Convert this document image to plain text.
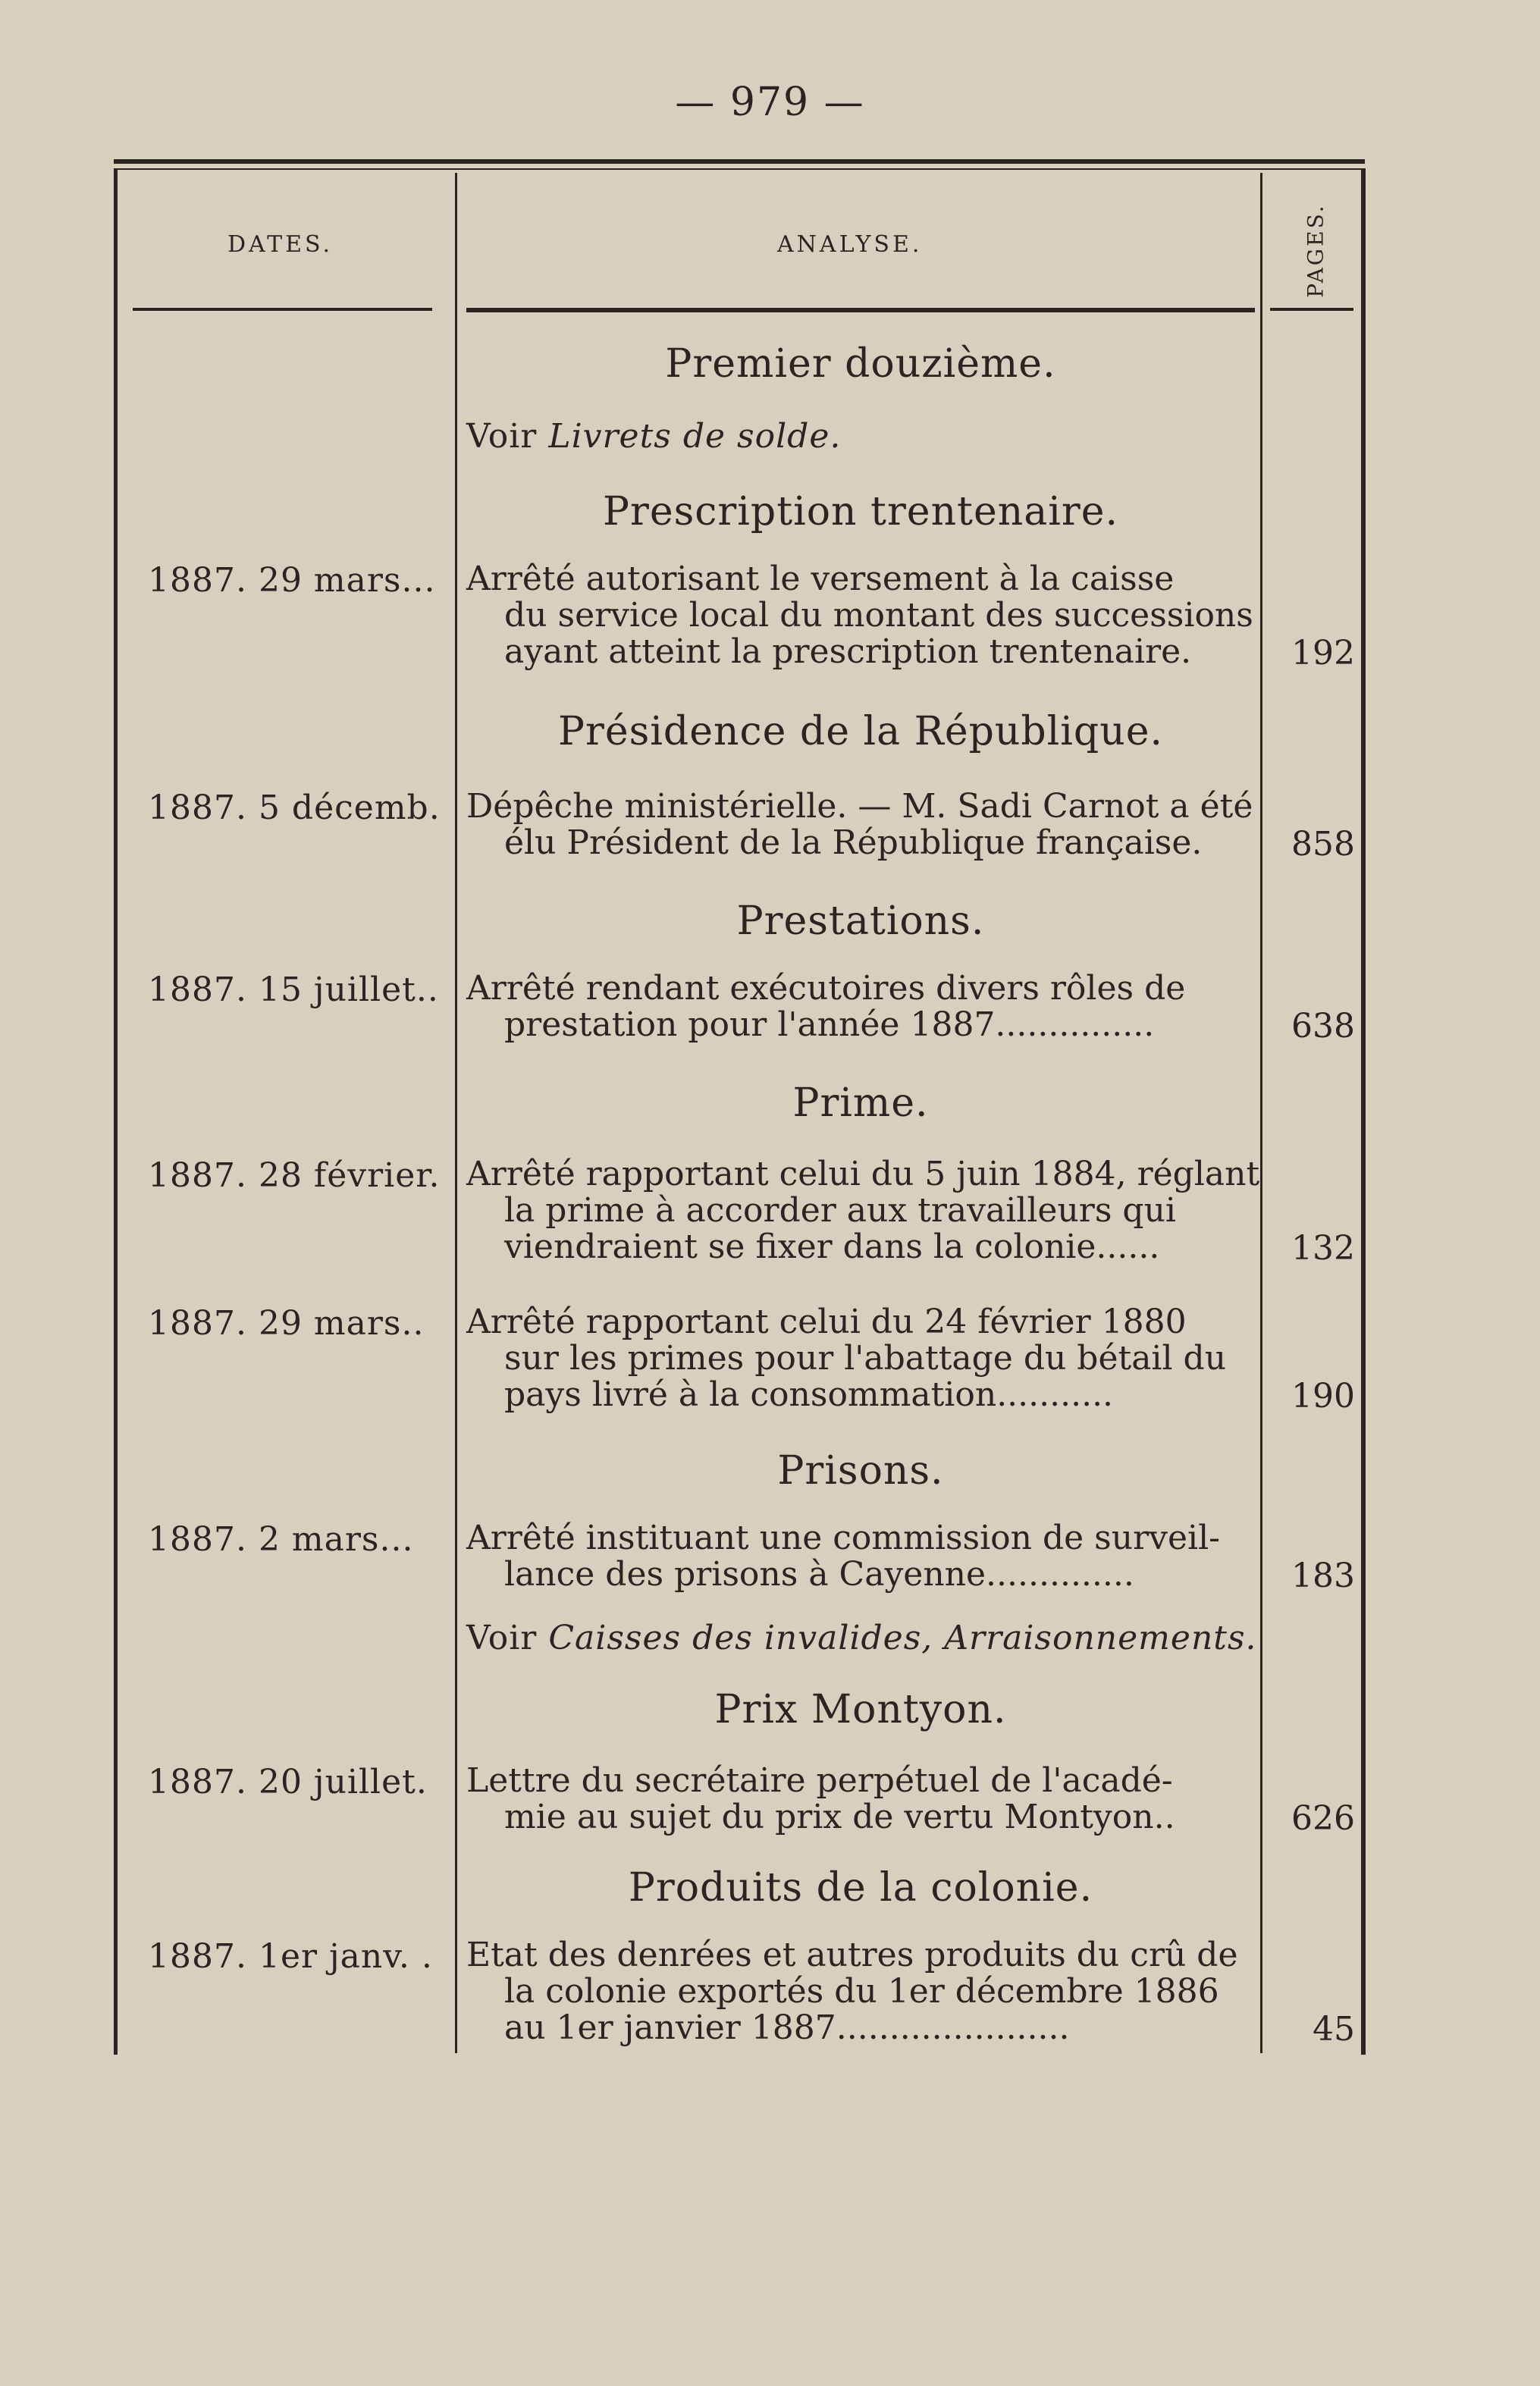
— 979 —
DATES.	ANALYSE.	PAGES.
Premier douzième.
Voir Livrets de solde.
Prescription trentenaire.
1887. 29 mars... Arrêté autorisant le versement à la caisse
du service local du montant des successions
ayant atteint la prescription trentenaire.	192
Présidence de la République.
1887. 5 décemb. Dépêche ministérielle. — M. Sadi Carnot a été
élu Président de la République française.	858
Prestations.
1887. 15 juillet.. Arrêté rendant exécutoires divers rôles de
prestation pour l'année 1887...............	638
Prime.
1887. 28 février. Arrêté rapportant celui du 5 juin 1884, réglant
la prime à accorder aux travailleurs qui
viendraient se fixer dans la colonie......	132
1887. 29 mars.. Arrêté rapportant celui du 24 février 1880
sur les primes pour l'abattage du bétail du
pays livré à la consommation...........	190
Prisons.
1887. 2 mars... Arrêté instituant une commission de surveil-
lance des prisons à Cayenne..............	183
Voir Caisses des invalides, Arraisonnements.
Prix Montyon.
1887. 20 juillet. Lettre du secrétaire perpétuel de l'acadé-
mie au sujet du prix de vertu Montyon..	626
Produits de la colonie.
1887. 1er janv. . Etat des denrées et autres produits du crû de
la colonie exportés du 1er décembre 1886
au 1er janvier 1887......................	45
